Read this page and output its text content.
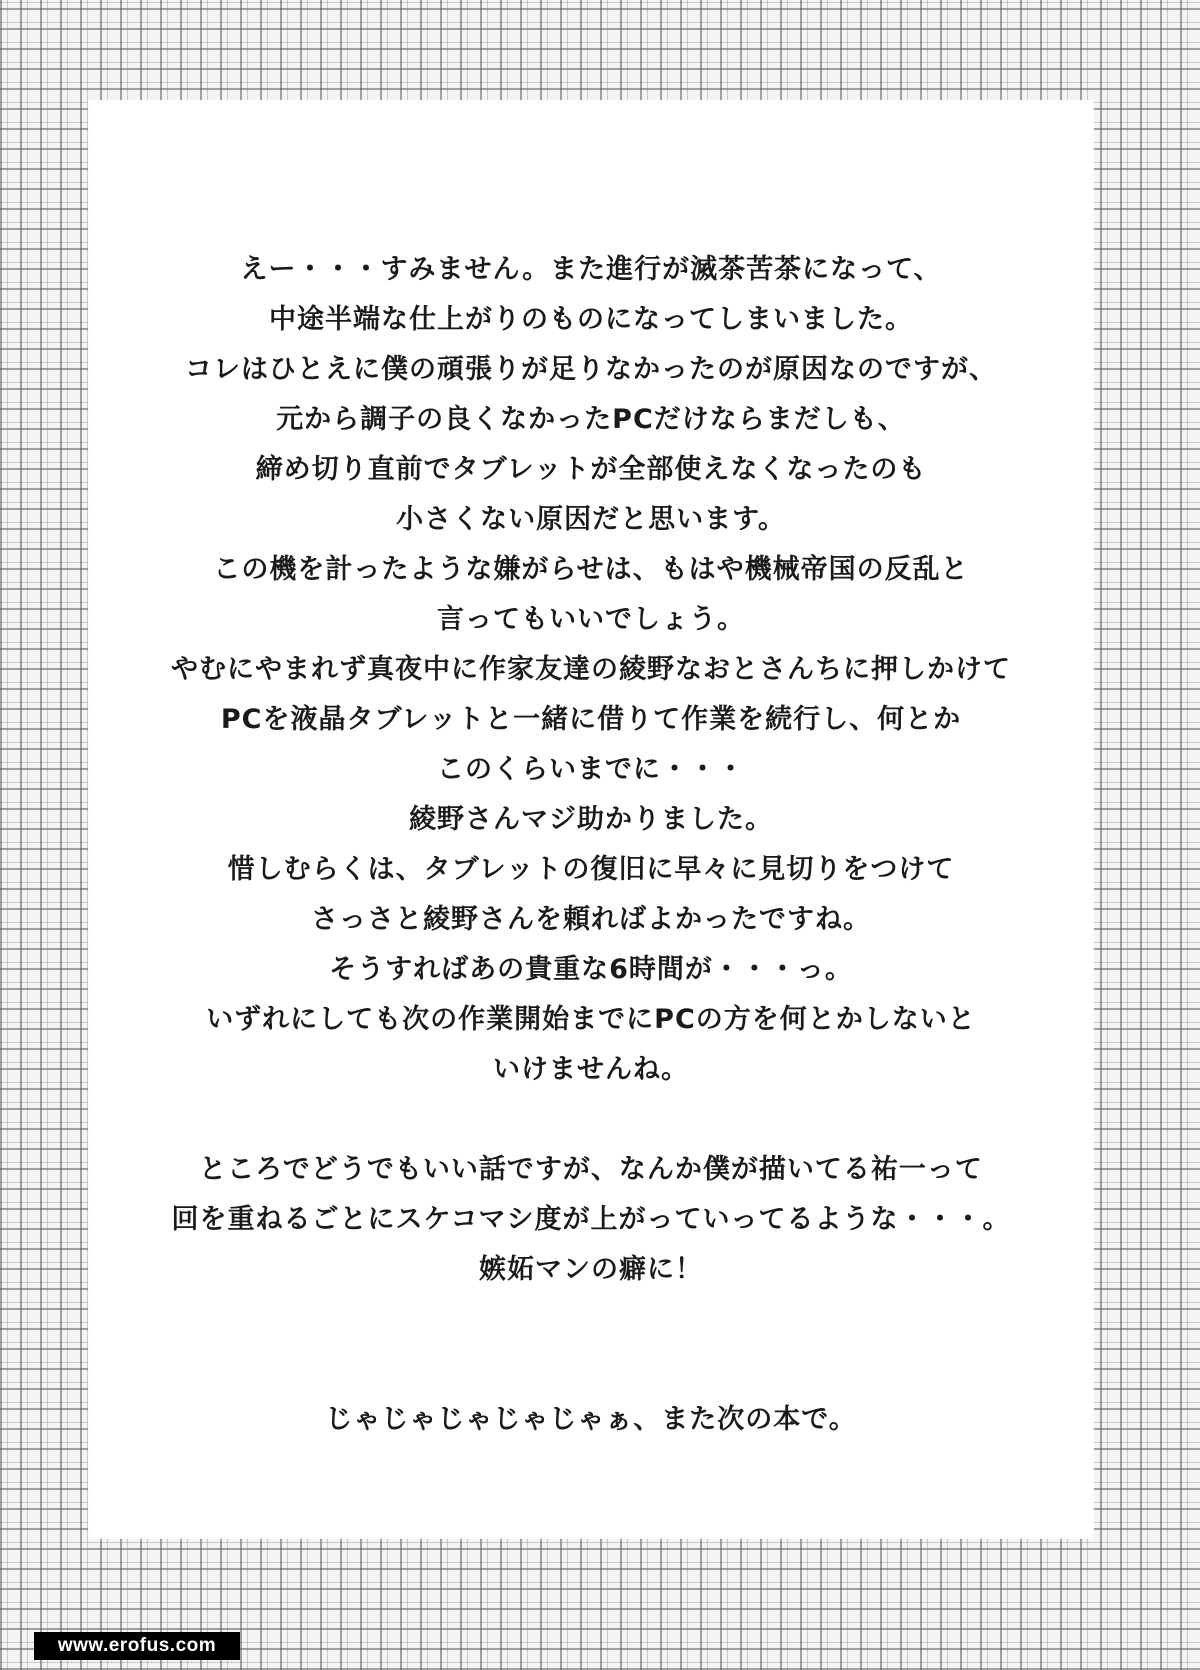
えー・・・すみません。また進行が滅茶苦茶になって、
中途半端な仕上がりのものになってしまいました。
コレはひとえに僕の頑張りが足りなかったのが原因なのですが、
元から調子の良くなかったPCだけならまだしも、
締め切り直前でタブレットが全部使えなくなったのも
小さくない原因だと思います。
この機を計ったような嫌がらせは、もはや機械帝国の反乱と
言ってもいいでしょう。
やむにやまれず真夜中に作家友達の綾野なおとさんちに押しかけて
PCを液晶タブレットと一緒に借りて作業を続行し、何とか
このくらいまでに・・・
綾野さんマジ助かりました。
惜しむらくは、タブレットの復旧に早々に見切りをつけて
さっさと綾野さんを頼ればよかったですね。
そうすればあの貴重な6時間が・・・っ。
いずれにしても次の作業開始までにPCの方を何とかしないと
いけませんね。
ところでどうでもいい話ですが、なんか僕が描いてる祐一って
回を重ねるごとにスケコマシ度が上がっていってるような・・・。
嫉妬マンの癖に！
じゃじゃじゃじゃじゃぁ、また次の本で。
www.erofus.com
